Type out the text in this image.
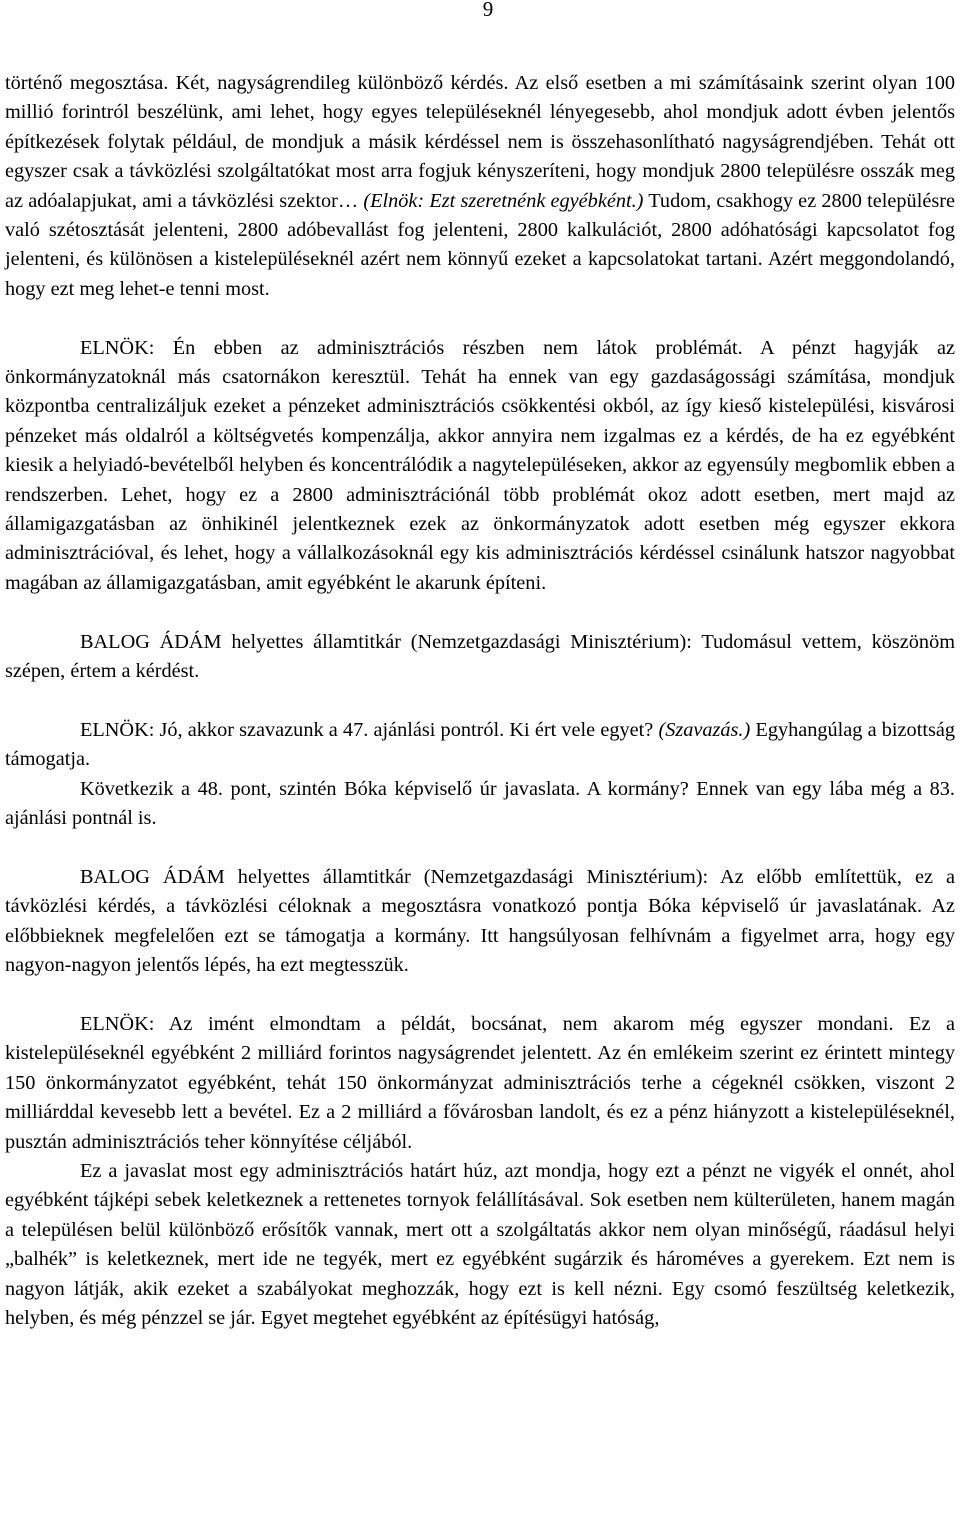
9

történő megosztása. Két, nagyságrendileg különböző kérdés. Az első esetben a mi számításaink szerint olyan 100 millió forintról beszélünk, ami lehet, hogy egyes településeknél lényegesebb, ahol mondjuk adott évben jelentős építkezések folytak például, de mondjuk a másik kérdéssel nem is összehasonlítható nagyságrendjében. Tehát ott egyszer csak a távközlési szolgáltatókat most arra fogjuk kényszeríteni, hogy mondjuk 2800 településre osszák meg az adóalapjukat, ami a távközlési szektor… (Elnök: Ezt szeretnénk egyébként.) Tudom, csakhogy ez 2800 településre való szétosztását jelenteni, 2800 adóbevallást fog jelenteni, 2800 kalkulációt, 2800 adóhatósági kapcsolatot fog jelenteni, és különösen a kistelepüléseknél azért nem könnyű ezeket a kapcsolatokat tartani. Azért meggondolandó, hogy ezt meg lehet-e tenni most.

ELNÖK: Én ebben az adminisztrációs részben nem látok problémát. A pénzt hagyják az önkormányzatoknál más csatornákon keresztül. Tehát ha ennek van egy gazdaságossági számítása, mondjuk központba centralizáljuk ezeket a pénzeket adminisztrációs csökkentési okból, az így kieső kistelepülési, kisvárosi pénzeket más oldalról a költségvetés kompenzálja, akkor annyira nem izgalmas ez a kérdés, de ha ez egyébként kiesik a helyiadó-bevételből helyben és koncentrálódik a nagytelepüléseken, akkor az egyensúly megbomlik ebben a rendszerben. Lehet, hogy ez a 2800 adminisztrációnál több problémát okoz adott esetben, mert majd az államigazgatásban az önhikinél jelentkeznek ezek az önkormányzatok adott esetben még egyszer ekkora adminisztrációval, és lehet, hogy a vállalkozásoknál egy kis adminisztrációs kérdéssel csinálunk hatszor nagyobbat magában az államigazgatásban, amit egyébként le akarunk építeni.

BALOG ÁDÁM helyettes államtitkár (Nemzetgazdasági Minisztérium): Tudomásul vettem, köszönöm szépen, értem a kérdést.

ELNÖK: Jó, akkor szavazunk a 47. ajánlási pontról. Ki ért vele egyet? (Szavazás.) Egyhangúlag a bizottság támogatja.

Következik a 48. pont, szintén Bóka képviselő úr javaslata. A kormány? Ennek van egy lába még a 83. ajánlási pontnál is.

BALOG ÁDÁM helyettes államtitkár (Nemzetgazdasági Minisztérium): Az előbb említettük, ez a távközlési kérdés, a távközlési céloknak a megosztásra vonatkozó pontja Bóka képviselő úr javaslatának. Az előbbieknek megfelelően ezt se támogatja a kormány. Itt hangsúlyosan felhívnám a figyelmet arra, hogy egy nagyon-nagyon jelentős lépés, ha ezt megtesszük.

ELNÖK: Az imént elmondtam a példát, bocsánat, nem akarom még egyszer mondani. Ez a kistelepüléseknél egyébként 2 milliárd forintos nagyságrendet jelentett. Az én emlékeim szerint ez érintett mintegy 150 önkormányzatot egyébként, tehát 150 önkormányzat adminisztrációs terhe a cégeknél csökken, viszont 2 milliárddal kevesebb lett a bevétel. Ez a 2 milliárd a fővárosban landolt, és ez a pénz hiányzott a kistelepüléseknél, pusztán adminisztrációs teher könnyítése céljából.

Ez a javaslat most egy adminisztrációs határt húz, azt mondja, hogy ezt a pénzt ne vigyék el onnét, ahol egyébként tájképi sebek keletkeznek a rettenetes tornyok felállításával. Sok esetben nem külterületen, hanem magán a településen belül különböző erősítők vannak, mert ott a szolgáltatás akkor nem olyan minőségű, ráadásul helyi „balhék” is keletkeznek, mert ide ne tegyék, mert ez egyébként sugárzik és hároméves a gyerekem. Ezt nem is nagyon látják, akik ezeket a szabályokat meghozzák, hogy ezt is kell nézni. Egy csomó feszültség keletkezik, helyben, és még pénzzel se jár. Egyet megtehet egyébként az építésügyi hatóság,
